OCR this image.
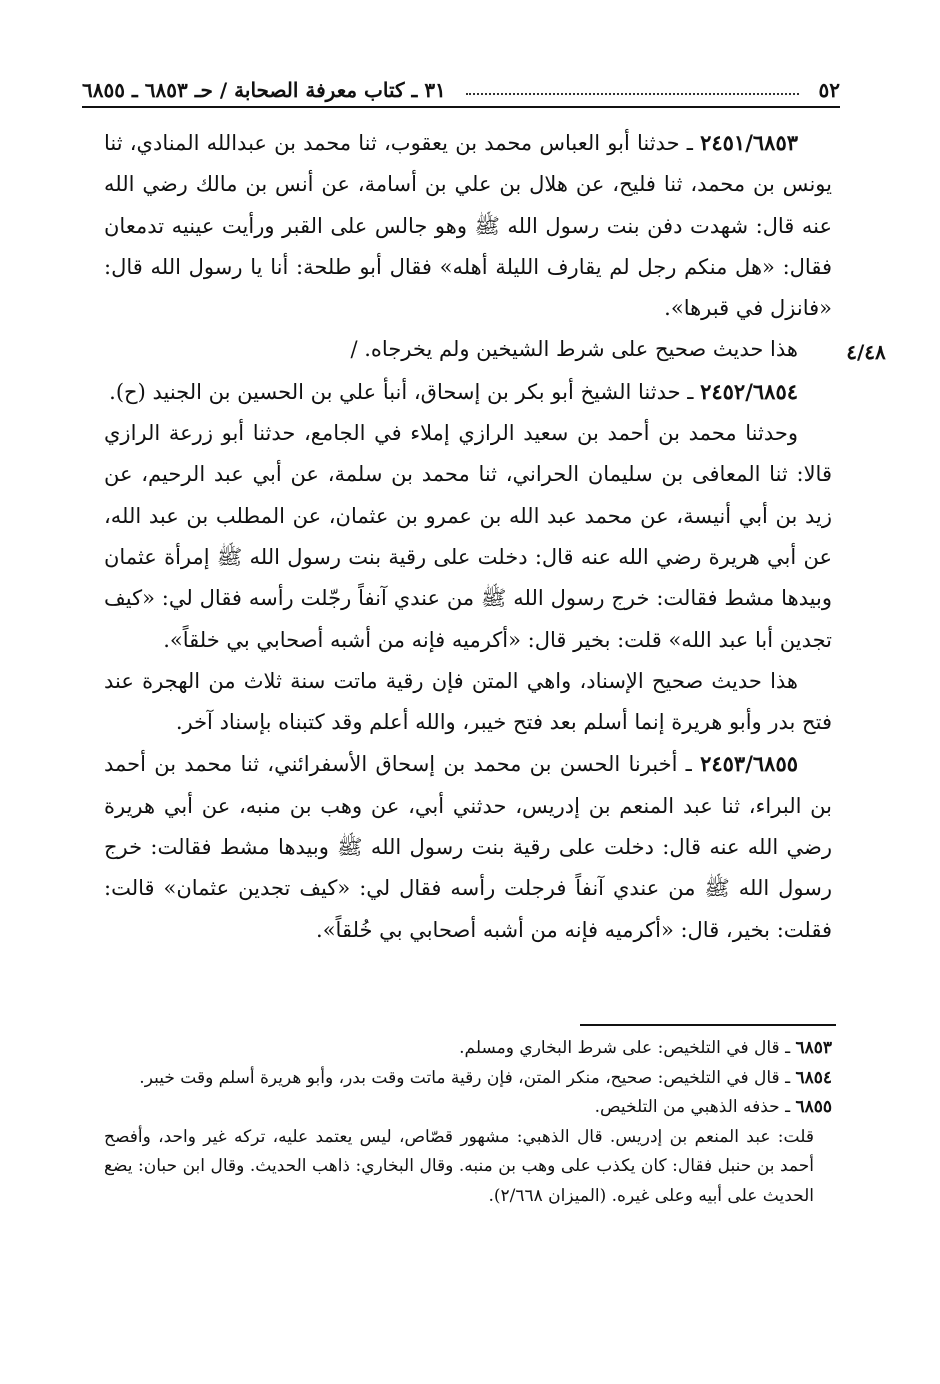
٥٢
٣١ ـ كتاب معرفة الصحابة / حـ ٦٨٥٣ ـ ٦٨٥٥
٤/٤٨

٢٤٥١/٦٨٥٣ ـ حدثنا أبو العباس محمد بن يعقوب، ثنا محمد بن عبدالله المنادي، ثنا يونس بن محمد، ثنا فليح، عن هلال بن علي بن أسامة، عن أنس بن مالك رضي الله عنه قال: شهدت دفن بنت رسول الله ﷺ وهو جالس على القبر ورأيت عينيه تدمعان فقال: «هل منكم رجل لم يقارف الليلة أهله» فقال أبو طلحة: أنا يا رسول الله قال: «فانزل في قبرها».

هذا حديث صحيح على شرط الشيخين ولم يخرجاه. /

٢٤٥٢/٦٨٥٤ ـ حدثنا الشيخ أبو بكر بن إسحاق، أنبأ علي بن الحسين بن الجنيد (ح).

وحدثنا محمد بن أحمد بن سعيد الرازي إملاء في الجامع، حدثنا أبو زرعة الرازي قالا: ثنا المعافى بن سليمان الحراني، ثنا محمد بن سلمة، عن أبي عبد الرحيم، عن زيد بن أبي أنيسة، عن محمد عبد الله بن عمرو بن عثمان، عن المطلب بن عبد الله، عن أبي هريرة رضي الله عنه قال: دخلت على رقية بنت رسول الله ﷺ إمرأة عثمان وبيدها مشط فقالت: خرج رسول الله ﷺ من عندي آنفاً رجّلت رأسه فقال لي: «كيف تجدين أبا عبد الله» قلت: بخير قال: «أكرميه فإنه من أشبه أصحابي بي خلقاً».

هذا حديث صحيح الإسناد، واهي المتن فإن رقية ماتت سنة ثلاث من الهجرة عند فتح بدر وأبو هريرة إنما أسلم بعد فتح خيبر، والله أعلم وقد كتبناه بإسناد آخر.

٢٤٥٣/٦٨٥٥ ـ أخبرنا الحسن بن محمد بن إسحاق الأسفرائني، ثنا محمد بن أحمد بن البراء، ثنا عبد المنعم بن إدريس، حدثني أبي، عن وهب بن منبه، عن أبي هريرة رضي الله عنه قال: دخلت على رقية بنت رسول الله ﷺ وبيدها مشط فقالت: خرج رسول الله ﷺ من عندي آنفاً فرجلت رأسه فقال لي: «كيف تجدين عثمان» قالت: فقلت: بخير، قال: «أكرميه فإنه من أشبه أصحابي بي خُلقاً».

٦٨٥٣ ـ قال في التلخيص: على شرط البخاري ومسلم.

٦٨٥٤ ـ قال في التلخيص: صحيح، منكر المتن، فإن رقية ماتت وقت بدر، وأبو هريرة أسلم وقت خيبر.

٦٨٥٥ ـ حذفه الذهبي من التلخيص.

قلت: عبد المنعم بن إدريس. قال الذهبي: مشهور قصّاص، ليس يعتمد عليه، تركه غير واحد، وأفصح أحمد بن حنبل فقال: كان يكذب على وهب بن منبه. وقال البخاري: ذاهب الحديث. وقال ابن حبان: يضع الحديث على أبيه وعلى غيره. (الميزان ٢/٦٦٨).
